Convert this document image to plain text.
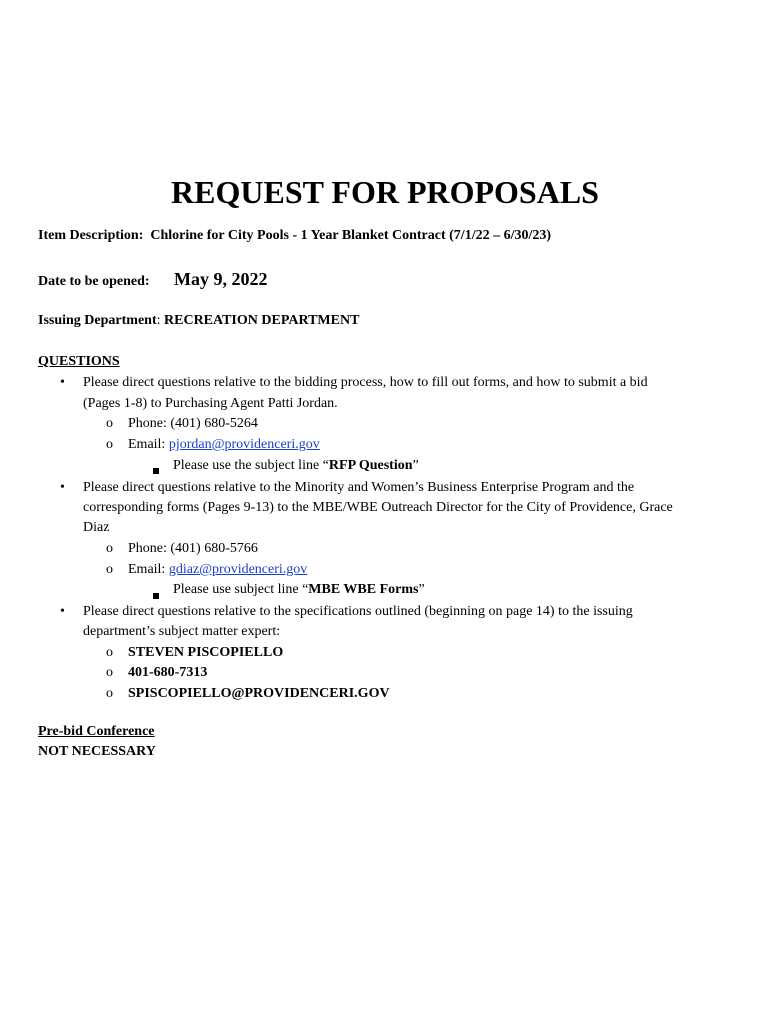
REQUEST FOR PROPOSALS
Item Description: Chlorine for City Pools - 1 Year Blanket Contract (7/1/22 – 6/30/23)
Date to be opened: May 9, 2022
Issuing Department: RECREATION DEPARTMENT
QUESTIONS
• Please direct questions relative to the bidding process, how to fill out forms, and how to submit a bid
(Pages 1-8) to Purchasing Agent Patti Jordan.
o Phone: (401) 680-5264
o Email: pjordan@providenceri.gov
Please use the subject line “RFP Question”
• Please direct questions relative to the Minority and Women’s Business Enterprise Program and the
corresponding forms (Pages 9-13) to the MBE/WBE Outreach Director for the City of Providence, Grace
Diaz
o Phone: (401) 680-5766
o Email: gdiaz@providenceri.gov
Please use subject line “MBE WBE Forms”
• Please direct questions relative to the specifications outlined (beginning on page 14) to the issuing
department’s subject matter expert:
o STEVEN PISCOPIELLO
o 401-680-7313
o SPISCOPIELLO@PROVIDENCERI.GOV
Pre-bid Conference
NOT NECESSARY
